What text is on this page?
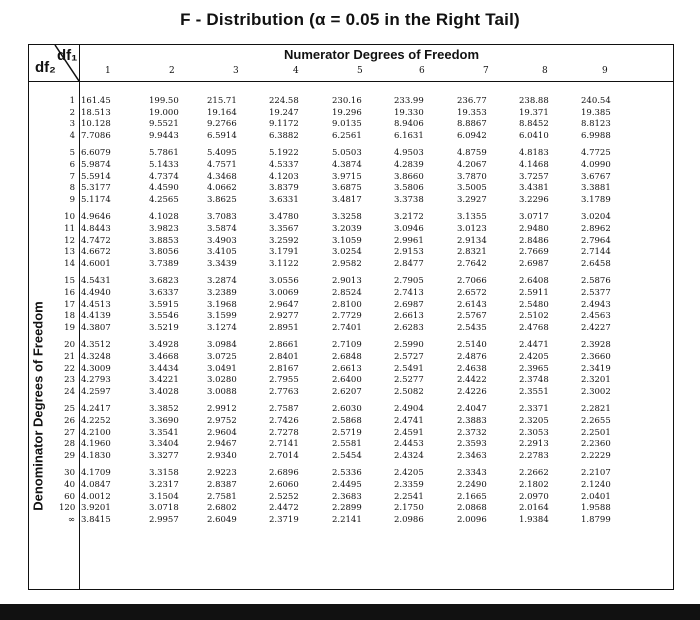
F - Distribution (α = 0.05 in the Right Tail)
df₂
df₁	Numerator Degrees of Freedom
Denominator Degrees of Freedom
1	2	3	4	5	6	7	8	9
1 161.45	199.50	215.71	224.58	230.16	233.99	236.77	238.88	240.54
2 18.513	19.000	19.164	19.247	19.296	19.330	19.353	19.371	19.385
3 10.128	9.5521	9.2766	9.1172	9.0135	8.9406	8.8867	8.8452	8.8123
4 7.7086	9.9443	6.5914	6.3882	6.2561	6.1631	6.0942	6.0410	6.9988
5 6.6079	5.7861	5.4095	5.1922	5.0503	4.9503	4.8759	4.8183	4.7725
6 5.9874	5.1433	4.7571	4.5337	4.3874	4.2839	4.2067	4.1468	4.0990
7 5.5914	4.7374	4.3468	4.1203	3.9715	3.8660	3.7870	3.7257	3.6767
8 5.3177	4.4590	4.0662	3.8379	3.6875	3.5806	3.5005	3.4381	3.3881
9 5.1174	4.2565	3.8625	3.6331	3.4817	3.3738	3.2927	3.2296	3.1789
10 4.9646	4.1028	3.7083	3.4780	3.3258	3.2172	3.1355	3.0717	3.0204
11 4.8443	3.9823	3.5874	3.3567	3.2039	3.0946	3.0123	2.9480	2.8962
12 4.7472	3.8853	3.4903	3.2592	3.1059	2.9961	2.9134	2.8486	2.7964
13 4.6672	3.8056	3.4105	3.1791	3.0254	2.9153	2.8321	2.7669	2.7144
14 4.6001	3.7389	3.3439	3.1122	2.9582	2.8477	2.7642	2.6987	2.6458
15 4.5431	3.6823	3.2874	3.0556	2.9013	2.7905	2.7066	2.6408	2.5876
16 4.4940	3.6337	3.2389	3.0069	2.8524	2.7413	2.6572	2.5911	2.5377
17 4.4513	3.5915	3.1968	2.9647	2.8100	2.6987	2.6143	2.5480	2.4943
18 4.4139	3.5546	3.1599	2.9277	2.7729	2.6613	2.5767	2.5102	2.4563
19 4.3807	3.5219	3.1274	2.8951	2.7401	2.6283	2.5435	2.4768	2.4227
20 4.3512	3.4928	3.0984	2.8661	2.7109	2.5990	2.5140	2.4471	2.3928
21 4.3248	3.4668	3.0725	2.8401	2.6848	2.5727	2.4876	2.4205	2.3660
22 4.3009	3.4434	3.0491	2.8167	2.6613	2.5491	2.4638	2.3965	2.3419
23 4.2793	3.4221	3.0280	2.7955	2.6400	2.5277	2.4422	2.3748	2.3201
24 4.2597	3.4028	3.0088	2.7763	2.6207	2.5082	2.4226	2.3551	2.3002
25 4.2417	3.3852	2.9912	2.7587	2.6030	2.4904	2.4047	2.3371	2.2821
26 4.2252	3.3690	2.9752	2.7426	2.5868	2.4741	2.3883	2.3205	2.2655
27 4.2100	3.3541	2.9604	2.7278	2.5719	2.4591	2.3732	2.3053	2.2501
28 4.1960	3.3404	2.9467	2.7141	2.5581	2.4453	2.3593	2.2913	2.2360
29 4.1830	3.3277	2.9340	2.7014	2.5454	2.4324	2.3463	2.2783	2.2229
30 4.1709	3.3158	2.9223	2.6896	2.5336	2.4205	2.3343	2.2662	2.2107
40 4.0847	3.2317	2.8387	2.6060	2.4495	2.3359	2.2490	2.1802	2.1240
60 4.0012	3.1504	2.7581	2.5252	2.3683	2.2541	2.1665	2.0970	2.0401
120 3.9201	3.0718	2.6802	2.4472	2.2899	2.1750	2.0868	2.0164	1.9588
∞ 3.8415	2.9957	2.6049	2.3719	2.2141	2.0986	2.0096	1.9384	1.8799
